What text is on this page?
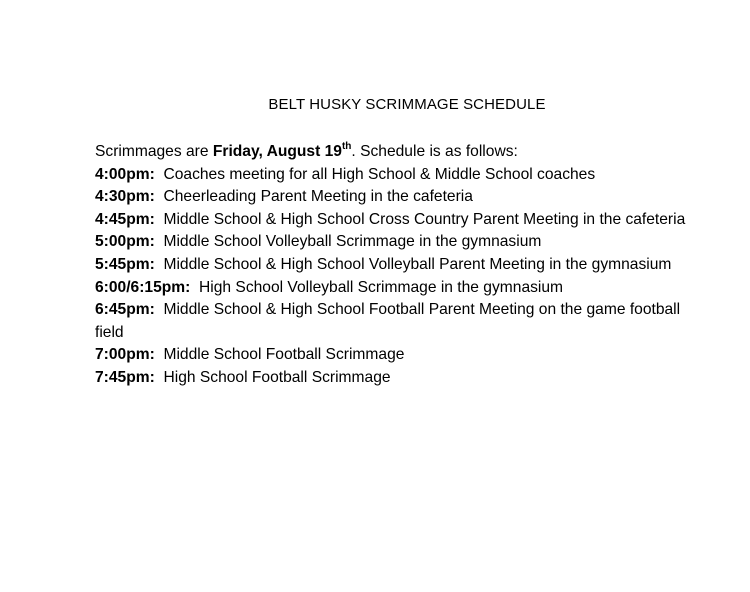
BELT HUSKY SCRIMMAGE SCHEDULE
Scrimmages are Friday, August 19th. Schedule is as follows:
4:00pm: Coaches meeting for all High School & Middle School coaches
4:30pm:  Cheerleading Parent Meeting in the cafeteria
4:45pm: Middle School & High School Cross Country Parent Meeting in the cafeteria
5:00pm: Middle School Volleyball Scrimmage in the gymnasium
5:45pm: Middle School & High School Volleyball Parent Meeting in the gymnasium
6:00/6:15pm: High School Volleyball Scrimmage in the gymnasium
6:45pm: Middle School & High School Football Parent Meeting on the game football field
7:00pm: Middle School Football Scrimmage
7:45pm: High School Football Scrimmage
